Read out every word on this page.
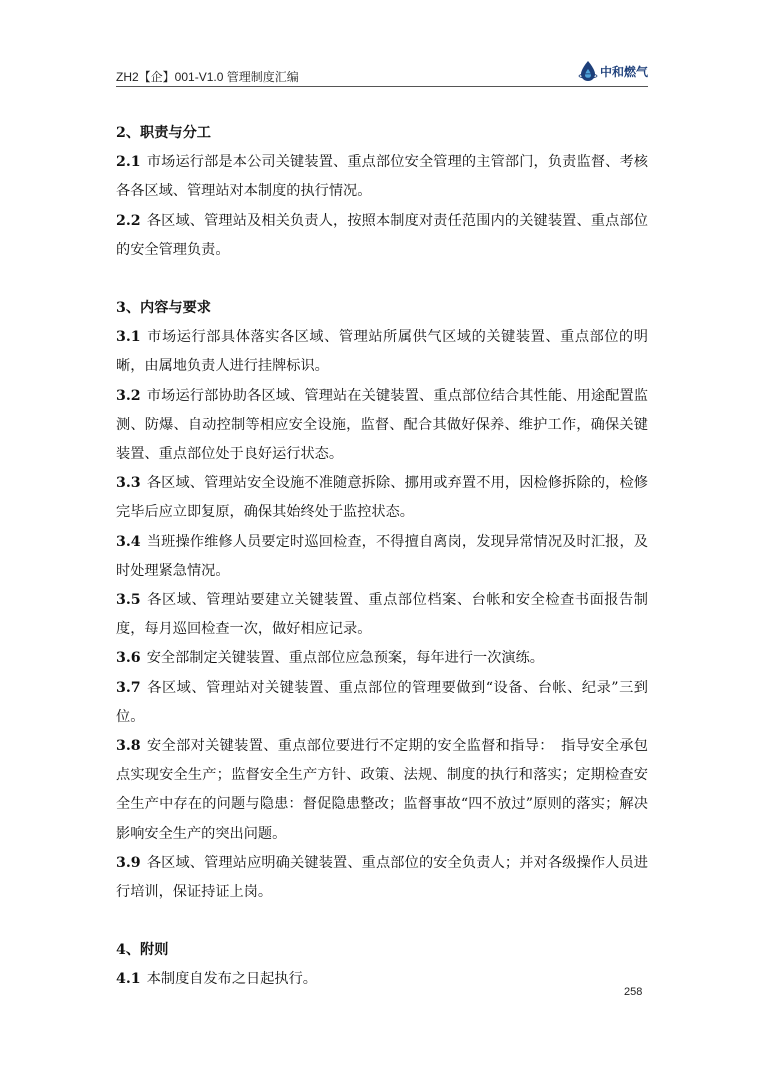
ZH2【企】001-V1.0 管理制度汇编	中和燃气

2、职责与分工

2.1 市场运行部是本公司关键装置、重点部位安全管理的主管部门，负责监督、考核各各区域、管理站对本制度的执行情况。

2.2 各区域、管理站及相关负责人，按照本制度对责任范围内的关键装置、重点部位的安全管理负责。

3、内容与要求

3.1 市场运行部具体落实各区域、管理站所属供气区域的关键装置、重点部位的明晰，由属地负责人进行挂牌标识。

3.2 市场运行部协助各区域、管理站在关键装置、重点部位结合其性能、用途配置监测、防爆、自动控制等相应安全设施，监督、配合其做好保养、维护工作，确保关键装置、重点部位处于良好运行状态。

3.3 各区域、管理站安全设施不准随意拆除、挪用或弃置不用，因检修拆除的，检修完毕后应立即复原，确保其始终处于监控状态。

3.4 当班操作维修人员要定时巡回检查，不得擅自离岗，发现异常情况及时汇报，及时处理紧急情况。

3.5 各区域、管理站要建立关键装置、重点部位档案、台帐和安全检查书面报告制度，每月巡回检查一次，做好相应记录。

3.6 安全部制定关键装置、重点部位应急预案，每年进行一次演练。

3.7 各区域、管理站对关键装置、重点部位的管理要做到“设备、台帐、纪录”三到位。

3.8 安全部对关键装置、重点部位要进行不定期的安全监督和指导：　指导安全承包点实现安全生产；监督安全生产方针、政策、法规、制度的执行和落实；定期检查安全生产中存在的问题与隐患：督促隐患整改；监督事故“四不放过”原则的落实；解决影响安全生产的突出问题。

3.9 各区域、管理站应明确关键装置、重点部位的安全负责人；并对各级操作人员进行培训，保证持证上岗。

4、附则

4.1 本制度自发布之日起执行。

258
